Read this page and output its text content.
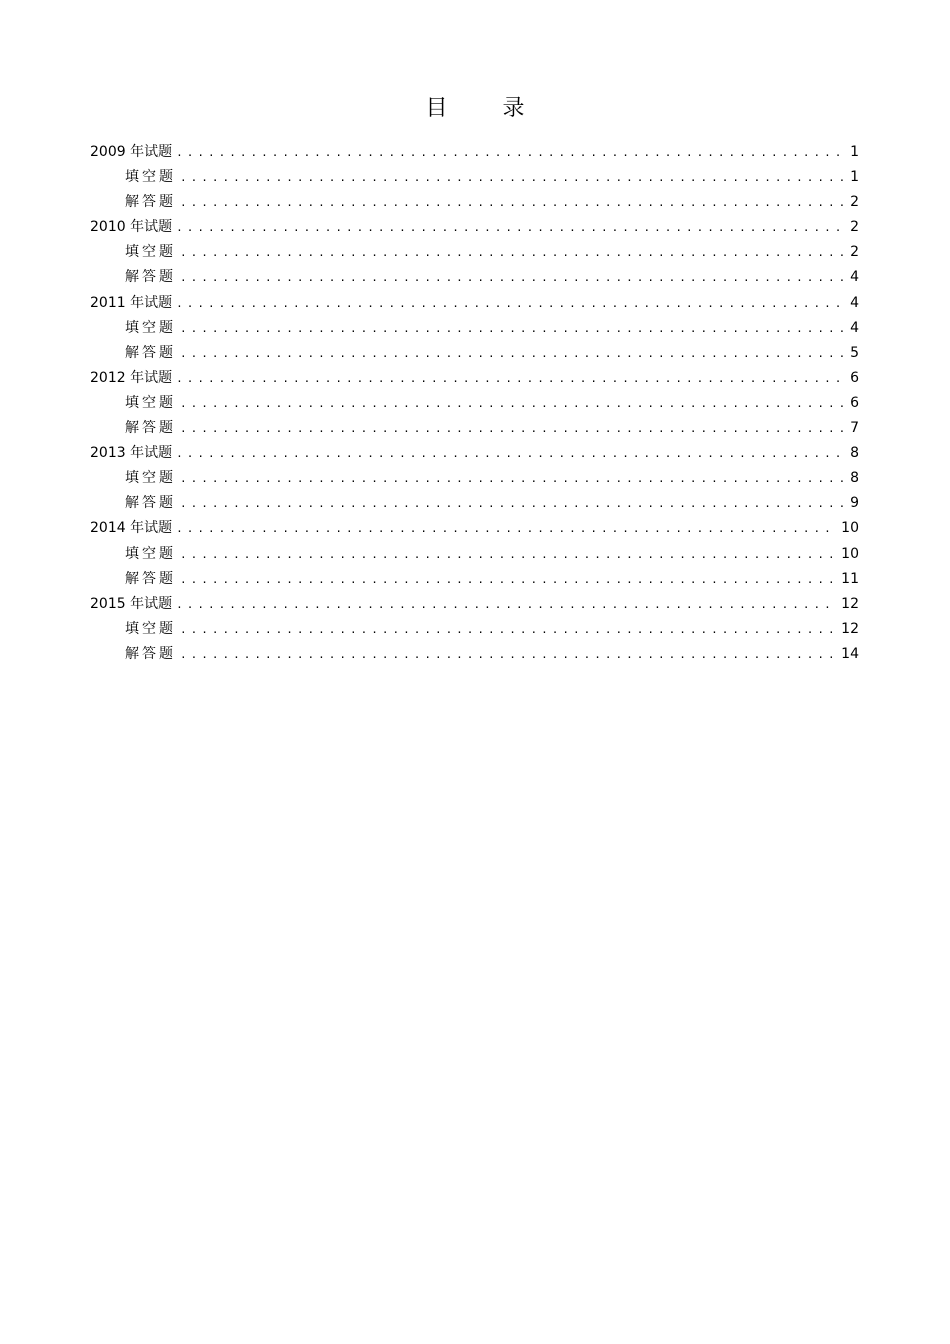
目 录
2009 年试题 .....	1
填空题 .....	1
解答题 .....	2
2010 年试题 .....	2
填空题 .....	2
解答题 .....	4
2011 年试题 .....	4
填空题 .....	4
解答题 .....	5
2012 年试题 .....	6
填空题 .....	6
解答题 .....	7
2013 年试题 .....	8
填空题 .....	8
解答题 .....	9
2014 年试题 .....	10
填空题 .....	10
解答题 .....	11
2015 年试题 .....	12
填空题 .....	12
解答题 .....	14
